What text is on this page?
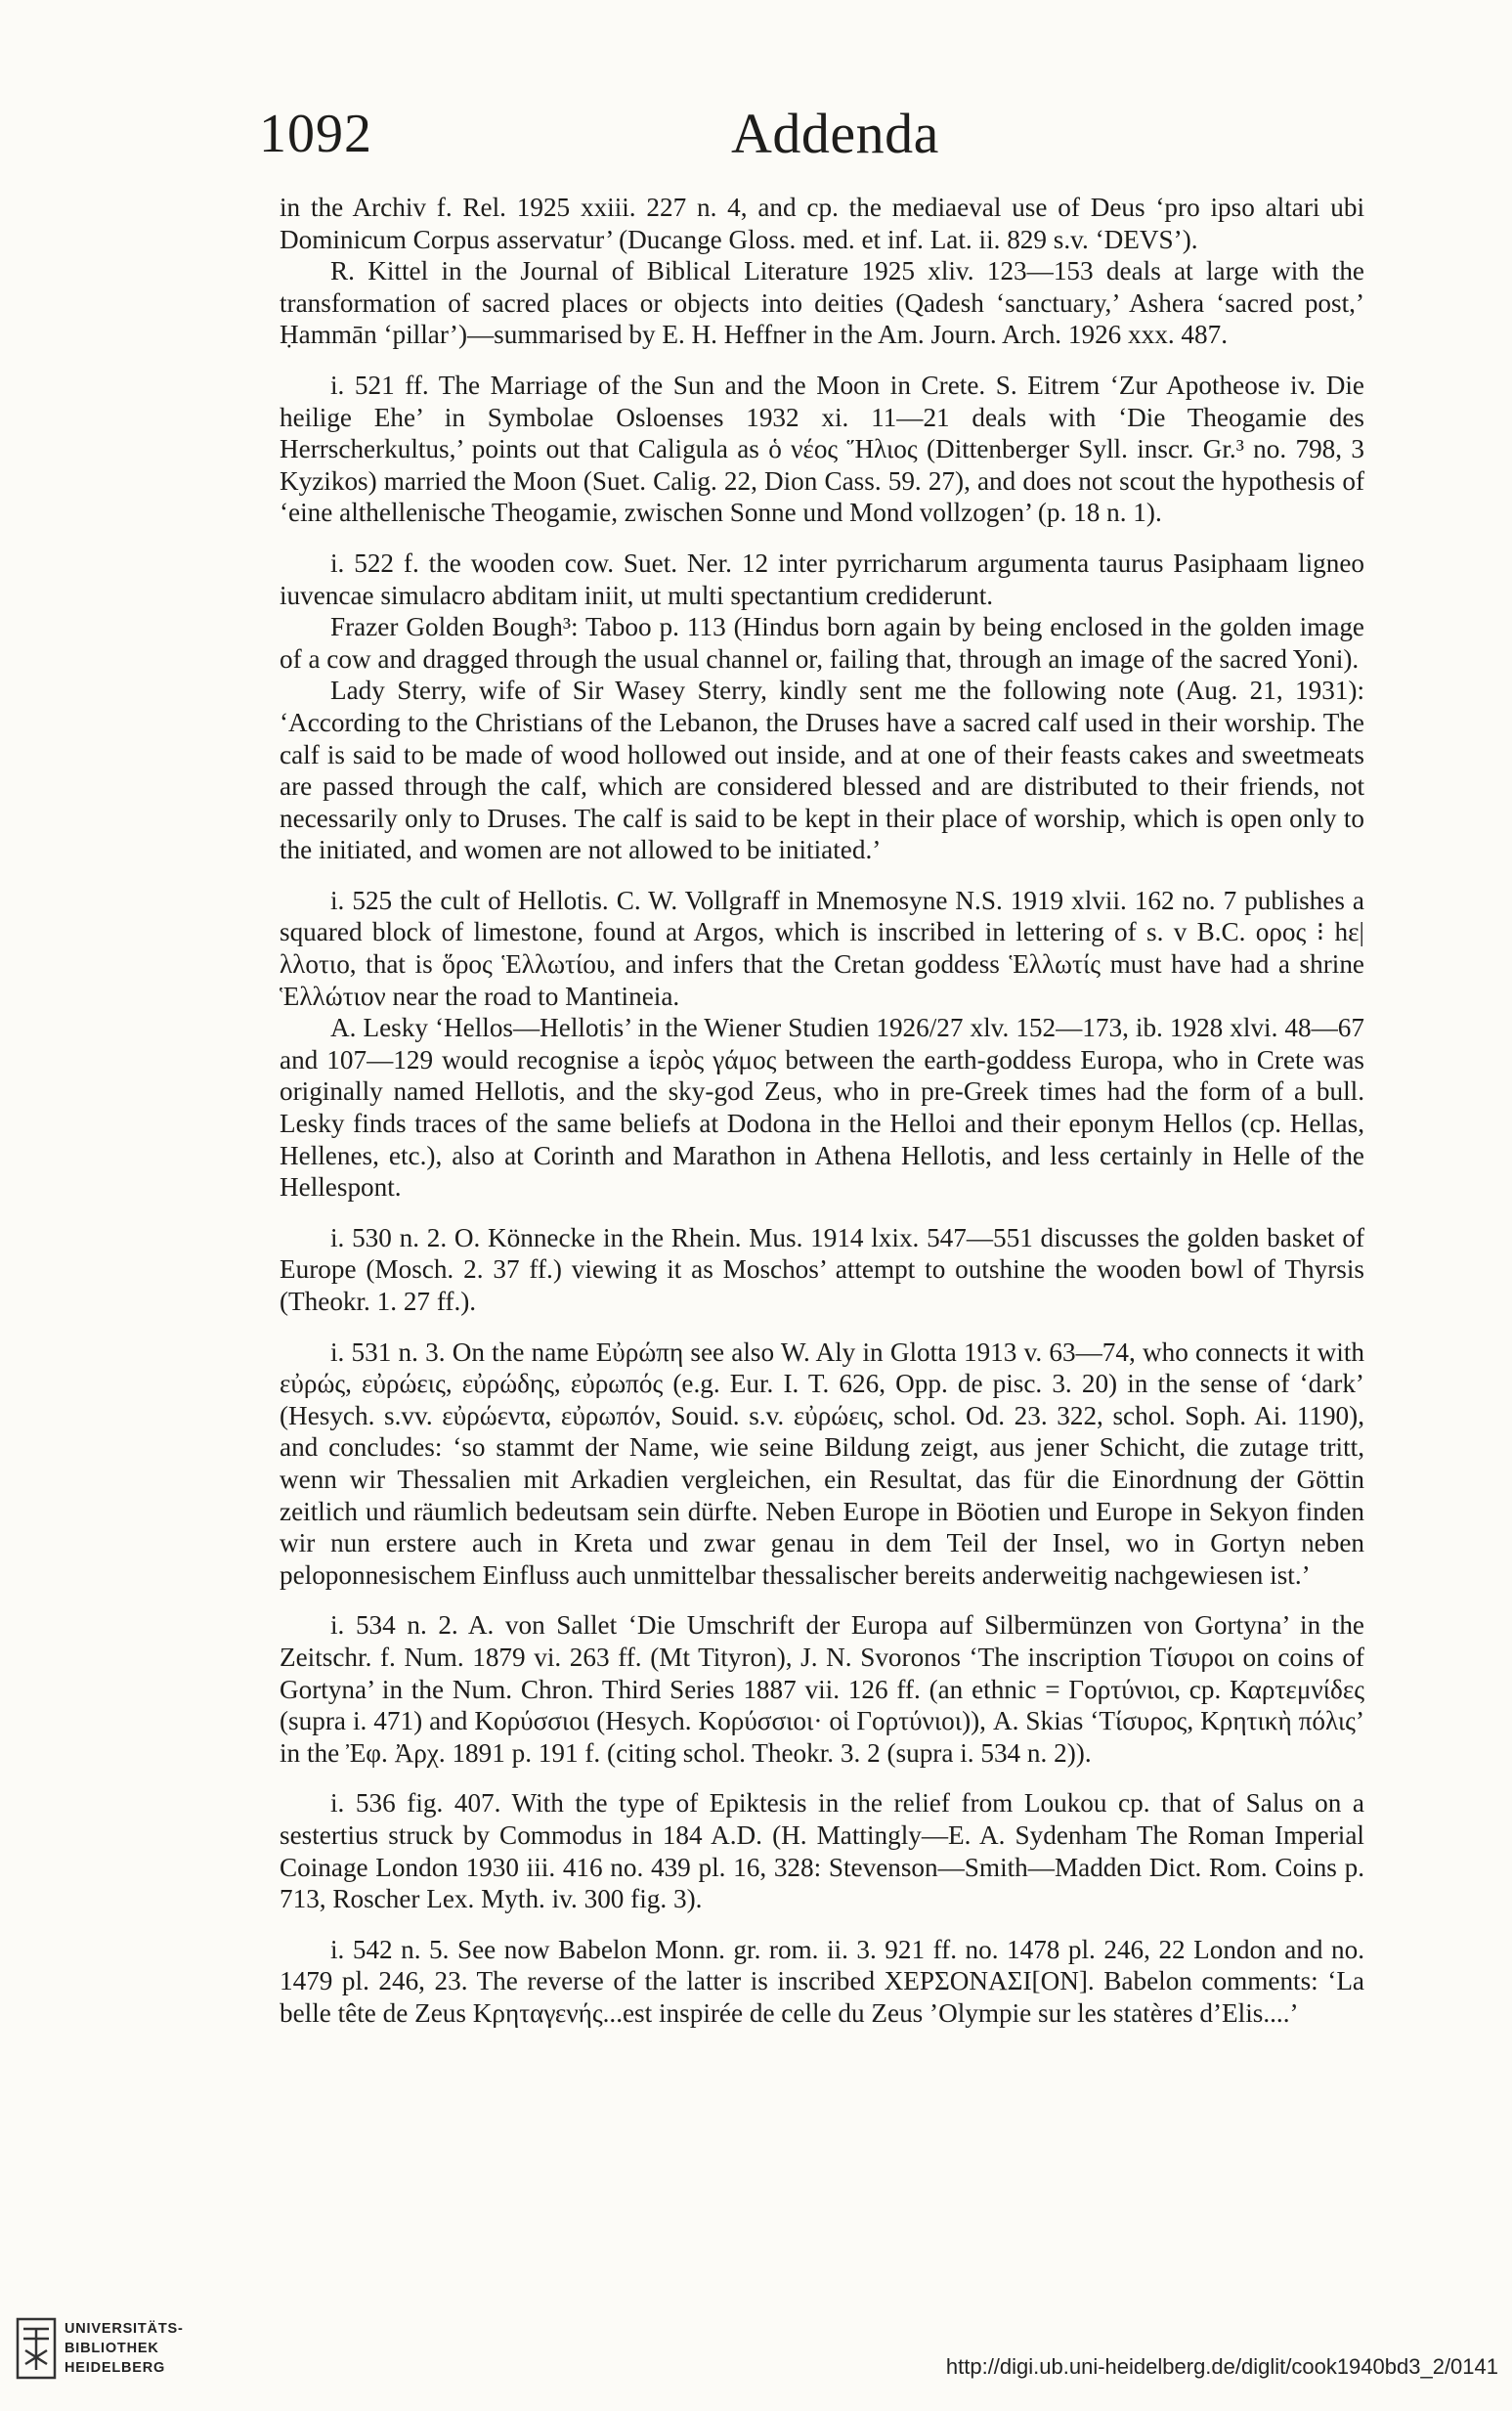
1092	Addenda

in the Archiv f. Rel. 1925 xxiii. 227 n. 4, and cp. the mediaeval use of Deus ‘pro ipso altari ubi Dominicum Corpus asservatur’ (Ducange Gloss. med. et inf. Lat. ii. 829 s.v. ‘DEVS’).

R. Kittel in the Journal of Biblical Literature 1925 xliv. 123—153 deals at large with the transformation of sacred places or objects into deities (Qadesh ‘sanctuary,’ Ashera ‘sacred post,’ Ḥammān ‘pillar’)—summarised by E. H. Heffner in the Am. Journ. Arch. 1926 xxx. 487.

i. 521 ff. The Marriage of the Sun and the Moon in Crete. S. Eitrem ‘Zur Apotheose iv. Die heilige Ehe’ in Symbolae Osloenses 1932 xi. 11—21 deals with ‘Die Theogamie des Herrscherkultus,’ points out that Caligula as ὁ νέος Ἥλιος (Dittenberger Syll. inscr. Gr.³ no. 798, 3 Kyzikos) married the Moon (Suet. Calig. 22, Dion Cass. 59. 27), and does not scout the hypothesis of ‘eine althellenische Theogamie, zwischen Sonne und Mond vollzogen’ (p. 18 n. 1).

i. 522 f. the wooden cow. Suet. Ner. 12 inter pyrricharum argumenta taurus Pasiphaam ligneo iuvencae simulacro abditam iniit, ut multi spectantium crediderunt.

Frazer Golden Bough³: Taboo p. 113 (Hindus born again by being enclosed in the golden image of a cow and dragged through the usual channel or, failing that, through an image of the sacred Yoni).

Lady Sterry, wife of Sir Wasey Sterry, kindly sent me the following note (Aug. 21, 1931): ‘According to the Christians of the Lebanon, the Druses have a sacred calf used in their worship. The calf is said to be made of wood hollowed out inside, and at one of their feasts cakes and sweetmeats are passed through the calf, which are considered blessed and are distributed to their friends, not necessarily only to Druses. The calf is said to be kept in their place of worship, which is open only to the initiated, and women are not allowed to be initiated.’

i. 525 the cult of Hellotis. C. W. Vollgraff in Mnemosyne N.S. 1919 xlvii. 162 no. 7 publishes a squared block of limestone, found at Argos, which is inscribed in lettering of s. v B.C. ορος ⁝ hε|λλοτιο, that is ὅρος Ἑλλωτίου, and infers that the Cretan goddess Ἑλλωτίς must have had a shrine Ἑλλώτιον near the road to Mantineia.

A. Lesky ‘Hellos—Hellotis’ in the Wiener Studien 1926/27 xlv. 152—173, ib. 1928 xlvi. 48—67 and 107—129 would recognise a ἱερὸς γάμος between the earth-goddess Europa, who in Crete was originally named Hellotis, and the sky-god Zeus, who in pre-Greek times had the form of a bull. Lesky finds traces of the same beliefs at Dodona in the Helloi and their eponym Hellos (cp. Hellas, Hellenes, etc.), also at Corinth and Marathon in Athena Hellotis, and less certainly in Helle of the Hellespont.

i. 530 n. 2. O. Könnecke in the Rhein. Mus. 1914 lxix. 547—551 discusses the golden basket of Europe (Mosch. 2. 37 ff.) viewing it as Moschos’ attempt to outshine the wooden bowl of Thyrsis (Theokr. 1. 27 ff.).

i. 531 n. 3. On the name Εὐρώπη see also W. Aly in Glotta 1913 v. 63—74, who connects it with εὐρώς, εὐρώεις, εὐρώδης, εὐρωπός (e.g. Eur. I. T. 626, Opp. de pisc. 3. 20) in the sense of ‘dark’ (Hesych. s.vv. εὐρώεντα, εὐρωπόν, Souid. s.v. εὐρώεις, schol. Od. 23. 322, schol. Soph. Ai. 1190), and concludes: ‘so stammt der Name, wie seine Bildung zeigt, aus jener Schicht, die zutage tritt, wenn wir Thessalien mit Arkadien vergleichen, ein Resultat, das für die Einordnung der Göttin zeitlich und räumlich bedeutsam sein dürfte. Neben Europe in Böotien und Europe in Sekyon finden wir nun erstere auch in Kreta und zwar genau in dem Teil der Insel, wo in Gortyn neben peloponnesischem Einfluss auch unmittelbar thessalischer bereits anderweitig nachgewiesen ist.’

i. 534 n. 2. A. von Sallet ‘Die Umschrift der Europa auf Silbermünzen von Gortyna’ in the Zeitschr. f. Num. 1879 vi. 263 ff. (Mt Tityron), J. N. Svoronos ‘The inscription Τίσυροι on coins of Gortyna’ in the Num. Chron. Third Series 1887 vii. 126 ff. (an ethnic = Γορτύνιοι, cp. Καρτεμνίδες (supra i. 471) and Κορύσσιοι (Hesych. Κορύσσιοι· οἱ Γορτύνιοι)), A. Skias ‘Τίσυρος, Κρητικὴ πόλις’ in the Ἐφ. Ἀρχ. 1891 p. 191 f. (citing schol. Theokr. 3. 2 (supra i. 534 n. 2)).

i. 536 fig. 407. With the type of Epiktesis in the relief from Loukou cp. that of Salus on a sestertius struck by Commodus in 184 A.D. (H. Mattingly—E. A. Sydenham The Roman Imperial Coinage London 1930 iii. 416 no. 439 pl. 16, 328: Stevenson—Smith—Madden Dict. Rom. Coins p. 713, Roscher Lex. Myth. iv. 300 fig. 3).

i. 542 n. 5. See now Babelon Monn. gr. rom. ii. 3. 921 ff. no. 1478 pl. 246, 22 London and no. 1479 pl. 246, 23. The reverse of the latter is inscribed ΧΕΡΣΟΝΑΣΙ[ΟΝ]. Babelon comments: ‘La belle tête de Zeus Κρηταγενής...est inspirée de celle du Zeus ’Olympie sur les statères d’Elis....’

UNIVERSITÄTS-
BIBLIOTHEK
HEIDELBERG	http://digi.ub.uni-heidelberg.de/diglit/cook1940bd3_2/0141
